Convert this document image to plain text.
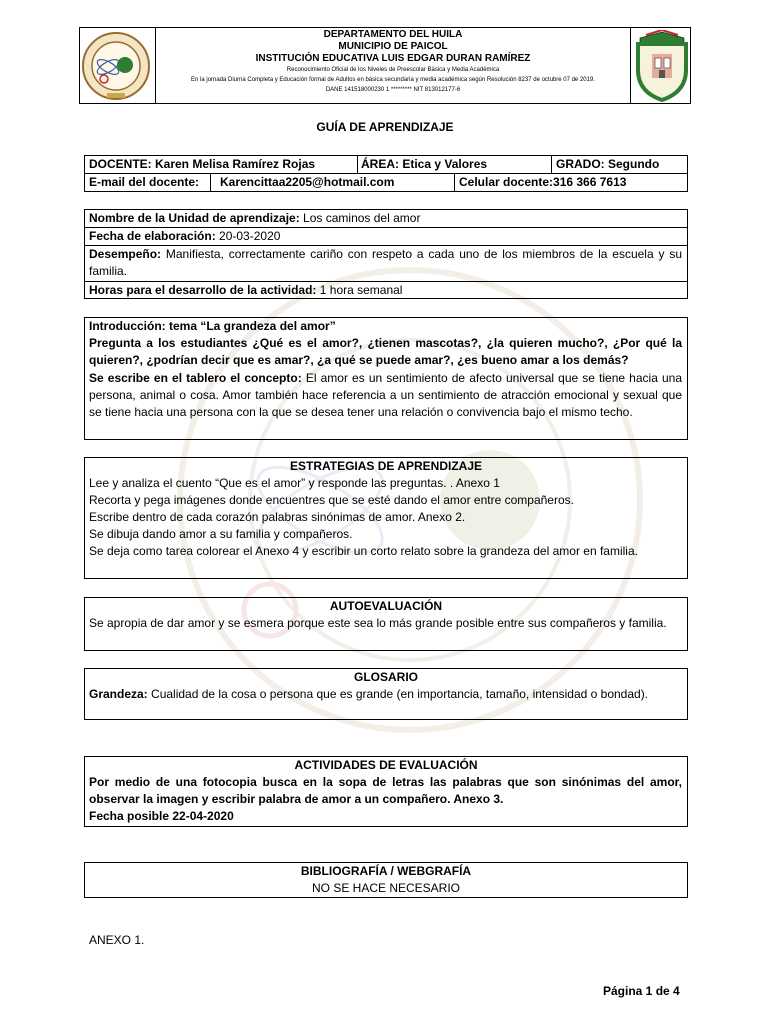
DEPARTAMENTO DEL HUILA
MUNICIPIO DE PAICOL
INSTITUCIÓN EDUCATIVA LUIS EDGAR DURAN RAMÍREZ
Reconocimiento Oficial de los Niveles de Preescolar Básica y Media Académica
En la jornada Diurna Completa y Educación formal de Adultos en básica secundaria y media académica según Resolución 8237 de octubre 07 de 2019.
DANE 141518000230 1 ********* NIT 813012177-6
GUÍA DE APRENDIZAJE
DOCENTE: Karen Melisa Ramírez Rojas	ÁREA: Etica y Valores	GRADO: Segundo
E-mail del docente: Karencittaa2205@hotmail.com	Celular docente:316 366 7613
Nombre de la Unidad de aprendizaje: Los caminos del amor
Fecha de elaboración: 20-03-2020
Desempeño: Manifiesta, correctamente cariño con respeto a cada uno de los miembros de la escuela y su familia.
Horas para el desarrollo de la actividad: 1 hora semanal
Introducción: tema “La grandeza del amor”
Pregunta a los estudiantes ¿Qué es el amor?, ¿tienen mascotas?, ¿la quieren mucho?, ¿Por qué la quieren?, ¿podrían decir que es amar?, ¿a qué se puede amar?, ¿es bueno amar a los demás?
Se escribe en el tablero el concepto: El amor es un sentimiento de afecto universal que se tiene hacia una persona, animal o cosa. Amor también hace referencia a un sentimiento de atracción emocional y sexual que se tiene hacia una persona con la que se desea tener una relación o convivencia bajo el mismo techo.
ESTRATEGIAS DE APRENDIZAJE
Lee y analiza el cuento “Que es el amor” y responde las preguntas. . Anexo 1
Recorta y pega imágenes donde encuentres que se esté dando el amor entre compañeros.
Escribe dentro de cada corazón palabras sinónimas de amor. Anexo 2.
Se dibuja dando amor a su familia y compañeros.
Se deja como tarea colorear el Anexo 4 y escribir un corto relato sobre la grandeza del amor en familia.
AUTOEVALUACIÓN
Se apropia de dar amor y se esmera porque este sea lo más grande posible entre sus compañeros y familia.
GLOSARIO
Grandeza: Cualidad de la cosa o persona que es grande (en importancia, tamaño, intensidad o bondad).
ACTIVIDADES DE EVALUACIÓN
Por medio de una fotocopia busca en la sopa de letras las palabras que son sinónimas del amor, observar la imagen y escribir palabra de amor a un compañero. Anexo 3.
Fecha posible 22-04-2020
BIBLIOGRAFÍA / WEBGRAFÍA
NO SE HACE NECESARIO
ANEXO 1.
Página 1 de 4
